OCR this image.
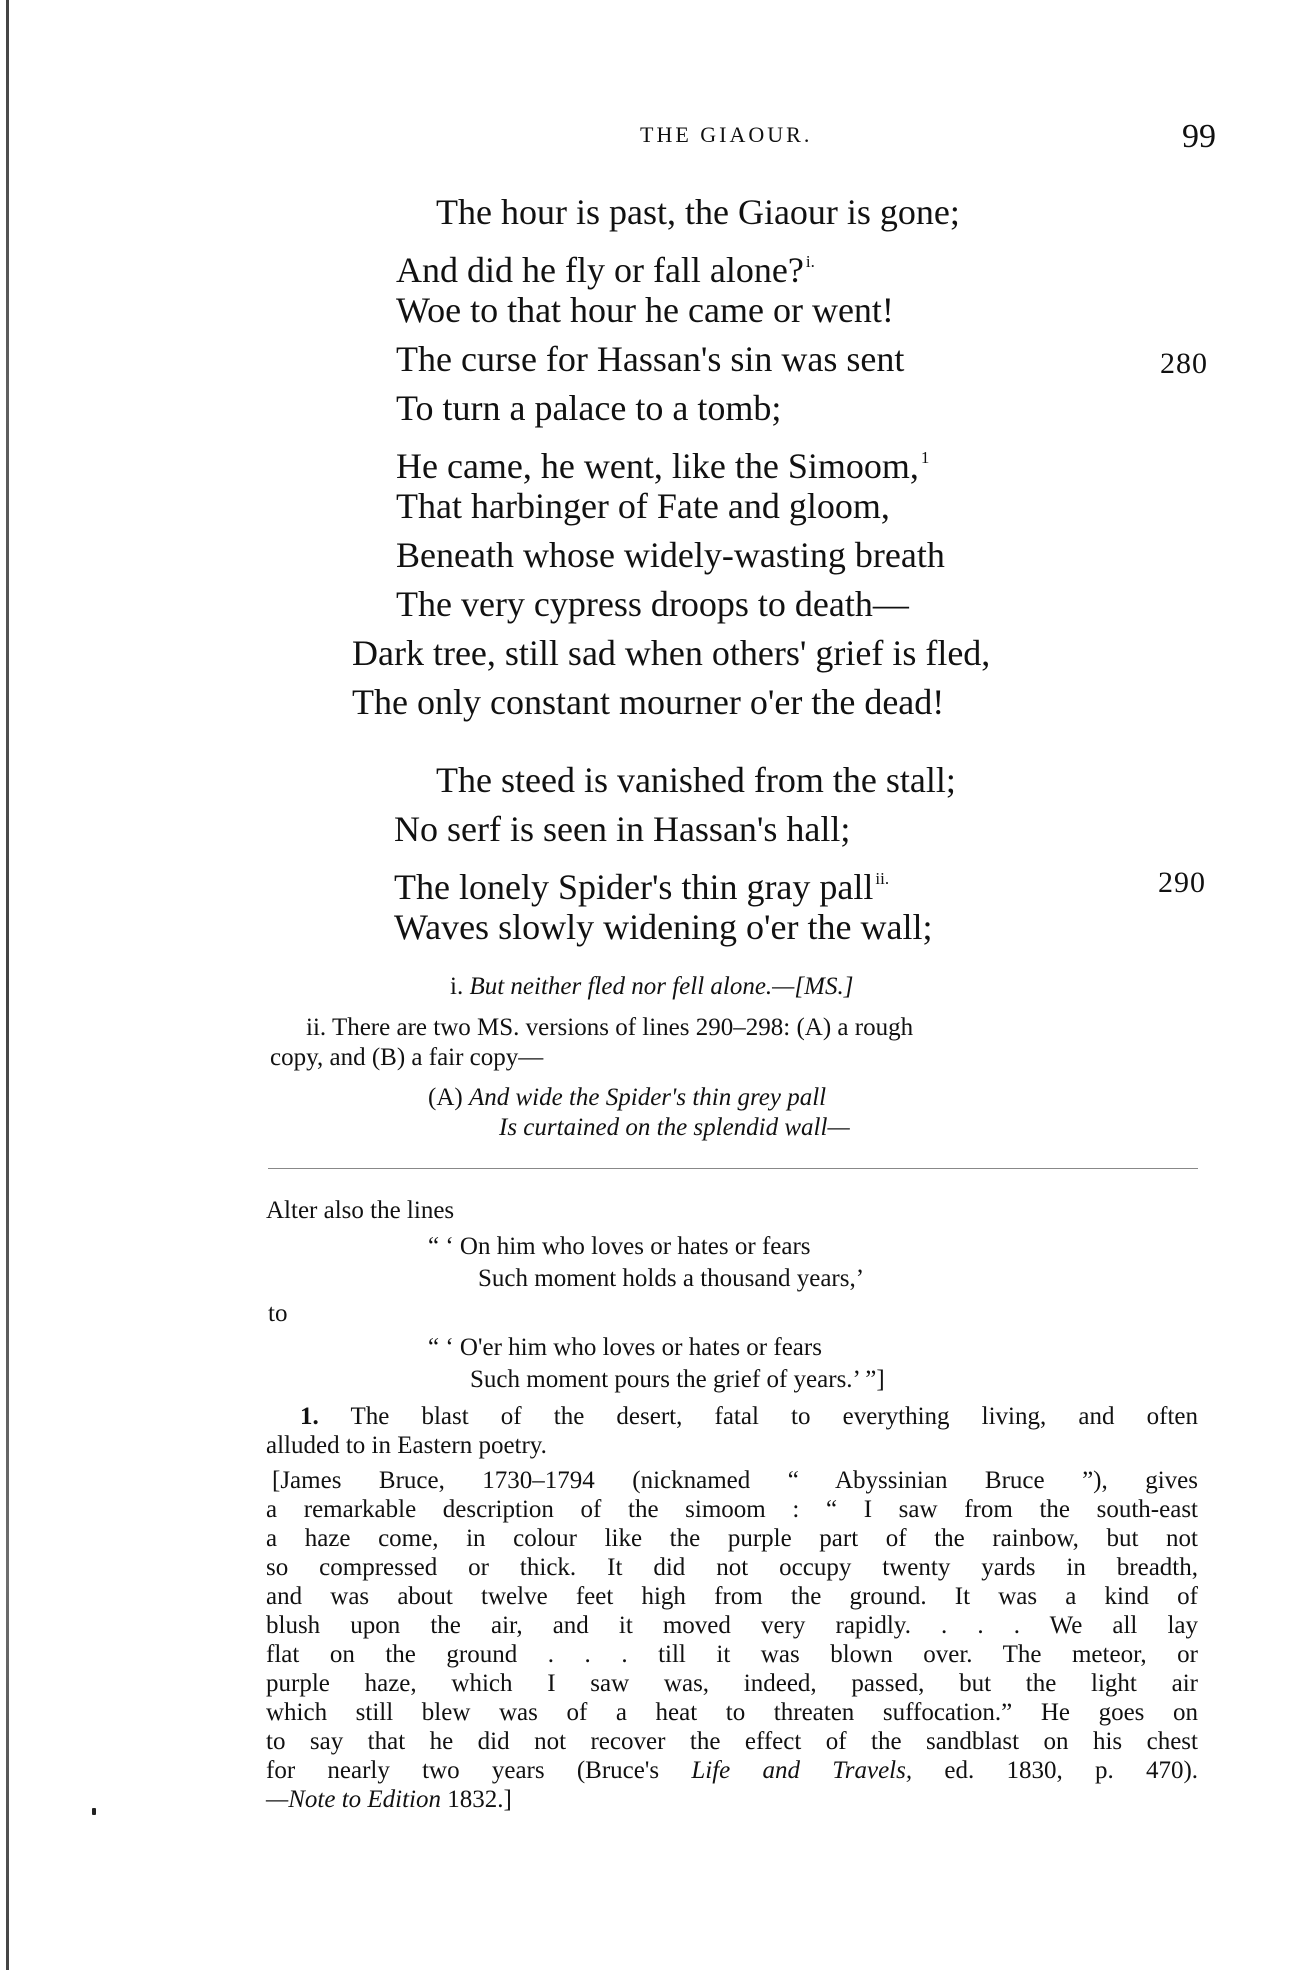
THE GIAOUR.	99
The hour is past, the Giaour is gone;
And did he fly or fall alone? $^{i.}$
Woe to that hour he came or went!
The curse for Hassan's sin was sent	280
To turn a palace to a tomb;
He came, he went, like the Simoom, $^1$
That harbinger of Fate and gloom,
Beneath whose widely-wasting breath
The very cypress droops to death—
Dark tree, still sad when others' grief is fled,
The only constant mourner o'er the dead!
The steed is vanished from the stall;
No serf is seen in Hassan's hall;
The lonely Spider's thin gray pall $^{ii.}$	290
Waves slowly widening o'er the wall;
i. But neither fled nor fell alone.—[MS.]
ii. There are two MS. versions of lines 290–298: (A) a rough
copy, and (B) a fair copy—
(A) And wide the Spider's thin grey pall
Is curtained on the splendid wall—
Alter also the lines
“ ‘ On him who loves or hates or fears
Such moment holds a thousand years,’
to
“ ‘ O'er him who loves or hates or fears
Such moment pours the grief of years.’ ”]
1. The blast of the desert, fatal to everything living, and often
alluded to in Eastern poetry.
[James Bruce, 1730–1794 (nicknamed “ Abyssinian Bruce ”), gives
a remarkable description of the simoom : “ I saw from the south-east
a haze come, in colour like the purple part of the rainbow, but not
so compressed or thick. It did not occupy twenty yards in breadth,
and was about twelve feet high from the ground. It was a kind of
blush upon the air, and it moved very rapidly. . . . We all lay
flat on the ground . . . till it was blown over. The meteor, or
purple haze, which I saw was, indeed, passed, but the light air
which still blew was of a heat to threaten suffocation.” He goes on
to say that he did not recover the effect of the sandblast on his chest
for nearly two years (Bruce's Life and Travels, ed. 1830, p. 470).
—Note to Edition 1832.]
